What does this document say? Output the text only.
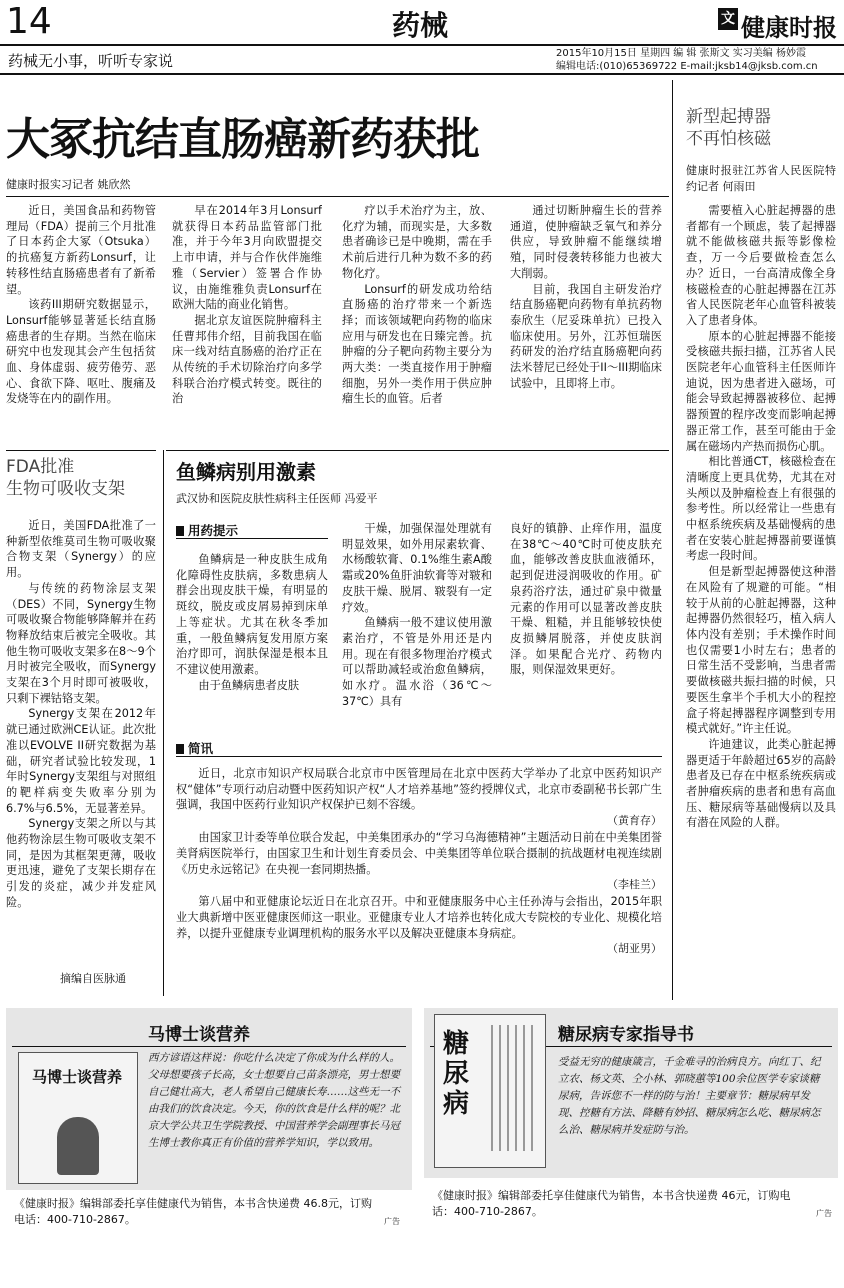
14	药械	文 健康时报
药械无小事，听听专家说	2015年10月15日 星期四 编 辑 张斯文 实习美编 杨妙霞
编辑电话:(010)65369722 E-mail:jksb14@jksb.com.cn
大冢抗结直肠癌新药获批
健康时报实习记者 姚欣然

近日，美国食品和药物管理局（FDA）提前三个月批准了日本药企大冢（Otsuka）的抗癌复方新药Lonsurf，让转移性结直肠癌患者有了新希望。

该药III期研究数据显示，Lonsurf能够显著延长结直肠癌患者的生存期。当然在临床研究中也发现其会产生包括贫血、身体虚弱、疲劳倦劳、恶心、食欲下降、呕吐、腹痛及发烧等在内的副作用。

早在2014年3月Lonsurf就获得日本药品监管部门批准，并于今年3月向欧盟提交上市申请，并与合作伙伴施维雅（Servier）签署合作协议，由施维雅负责Lonsurf在欧洲大陆的商业化销售。

据北京友谊医院肿瘤科主任曹邦伟介绍，目前我国在临床一线对结直肠癌的治疗正在从传统的手术切除治疗向多学科联合治疗模式转变。既往的治

疗以手术治疗为主，放、化疗为辅，而现实是，大多数患者确诊已是中晚期，需在手术前后进行几种为数不多的药物化疗。

Lonsurf的研发成功给结直肠癌的治疗带来一个新选择；而该领域靶向药物的临床应用与研发也在日臻完善。抗肿瘤的分子靶向药物主要分为两大类：一类直接作用于肿瘤细胞，另外一类作用于供应肿瘤生长的血管。后者

通过切断肿瘤生长的营养通道，使肿瘤缺乏氧气和养分供应，导致肿瘤不能继续增殖，同时侵袭转移能力也被大大削弱。

目前，我国自主研发治疗结直肠癌靶向药物有单抗药物泰欣生（尼妥珠单抗）已投入临床使用。另外，江苏恒瑞医药研发的治疗结直肠癌靶向药法米替尼已经处于II～III期临床试验中，且即将上市。

新型起搏器
不再怕核磁
健康时报驻江苏省人民医院特约记者 何雨田

需要植入心脏起搏器的患者都有一个顾虑，装了起搏器就不能做核磁共振等影像检查，万一今后要做检查怎么办？近日，一台高清成像全身核磁检查的心脏起搏器在江苏省人民医院老年心血管科被装入了患者身体。

原本的心脏起搏器不能接受核磁共振扫描，江苏省人民医院老年心血管科主任医师许迪说，因为患者进入磁场，可能会导致起搏器被移位、起搏器预置的程序改变而影响起搏器正常工作，甚至可能由于金属在磁场内产热而损伤心肌。

相比普通CT，核磁检查在清晰度上更具优势，尤其在对头颅以及肿瘤检查上有很强的参考性。所以经常让一些患有中枢系统疾病及基础慢病的患者在安装心脏起搏器前要谨慎考虑一段时间。

但是新型起搏器使这种潜在风险有了规避的可能。“相较于从前的心脏起搏器，这种起搏器仍然很轻巧，植入病人体内没有差别；手术操作时间也仅需要1小时左右；患者的日常生活不受影响，当患者需要做核磁共振扫描的时候，只要医生拿半个手机大小的程控盒子将起搏器程序调整到专用模式就好。”许主任说。

许迪建议，此类心脏起搏器更适于年龄超过65岁的高龄患者及已存在中枢系统疾病或者肿瘤疾病的患者和患有高血压、糖尿病等基础慢病以及具有潜在风险的人群。

FDA批准
生物可吸收支架

近日，美国FDA批准了一种新型依维莫司生物可吸收聚合物支架（Synergy）的应用。

与传统的药物涂层支架（DES）不同，Synergy生物可吸收聚合物能够降解并在药物释放结束后被完全吸收。其他生物可吸收支架多在8～9个月时被完全吸收，而Synergy支架在3个月时即可被吸收，只剩下裸钴铬支架。

Synergy支架在2012年就已通过欧洲CE认证。此次批准以EVOLVE II研究数据为基础，研究者试验比较发现，1年时Synergy支架组与对照组的靶样病变失败率分别为6.7%与6.5%，无显著差异。

Synergy支架之所以与其他药物涂层生物可吸收支架不同，是因为其框架更薄，吸收更迅速，避免了支架长期存在引发的炎症，减少并发症风险。

摘编自医脉通
鱼鳞病别用激素
武汉协和医院皮肤性病科主任医师 冯爱平
用药提示

鱼鳞病是一种皮肤生成角化障碍性皮肤病，多数患病人群会出现皮肤干燥，有明显的斑纹，脱皮或皮屑易掉到床单上等症状。尤其在秋冬季加重，一般鱼鳞病复发用原方案治疗即可，润肤保湿是根本且不建议使用激素。

由于鱼鳞病患者皮肤

干燥，加强保湿处理就有明显效果，如外用尿素软膏、水杨酸软膏、0.1%维生素A酸霜或20%鱼肝油软膏等对皲和皮肤干燥、脱屑、皲裂有一定疗效。

鱼鳞病一般不建议使用激素治疗，不管是外用还是内用。现在有很多物理治疗模式可以帮助减轻或治愈鱼鳞病，如水疗。温水浴（36℃～37℃）具有

良好的镇静、止痒作用，温度在38℃～40℃时可使皮肤充血，能够改善皮肤血液循环，起到促进浸润吸收的作用。矿泉药浴疗法，通过矿泉中微量元素的作用可以显著改善皮肤干燥、粗糙，并且能够较快使皮损鳞屑脱落，并使皮肤润泽。如果配合光疗、药物内服，则保湿效果更好。
简讯

近日，北京市知识产权局联合北京市中医管理局在北京中医药大学举办了北京中医药知识产权“健体”专项行动启动暨中医药知识产权“人才培养基地”签约授牌仪式，北京市委副秘书长郭广生强调，我国中医药行业知识产权保护已刻不容缓。

（黄育存）

由国家卫计委等单位联合发起，中美集团承办的“学习乌海德精神”主题活动日前在中美集团誉美肾病医院举行，由国家卫生和计划生育委员会、中美集团等单位联合摄制的抗战题材电视连续剧《历史永远铭记》在央视一套同期热播。

（李桂兰）

第八届中和亚健康论坛近日在北京召开。中和亚健康服务中心主任孙涛与会指出，2015年职业大典新增中医亚健康医师这一职业。亚健康专业人才培养也转化成大专院校的专业化、规模化培养，以提升亚健康专业调理机构的服务水平以及解决亚健康本身病症。

（胡亚男）
马博士谈营养
马博士谈营养
西方谚语这样说：你吃什么决定了你成为什么样的人。父母想要孩子长高，女士想要自己苗条漂亮，男士想要自己健壮高大，老人希望自己健康长寿……这些无一不由我们的饮食决定。今天，你的饮食是什么样的呢？北京大学公共卫生学院教授、中国营养学会副理事长马冠生博士教你真正有价值的营养学知识，学以致用。
《健康时报》编辑部委托享佳健康代为销售，本书含快递费 46.8元，订购电话：400-710-2867。	广告
糖尿病专家指导书
糖尿病
受益无穷的健康箴言，千金难寻的治病良方。向红丁、纪立农、杨文英、仝小林、郭晓蕙等100余位医学专家谈糖尿病，告诉您不一样的防与治！主要章节：糖尿病早发现、控糖有方法、降糖有妙招、糖尿病怎么吃、糖尿病怎么治、糖尿病并发症防与治。
《健康时报》编辑部委托享佳健康代为销售，本书含快递费 46元，订购电话：400-710-2867。	广告
